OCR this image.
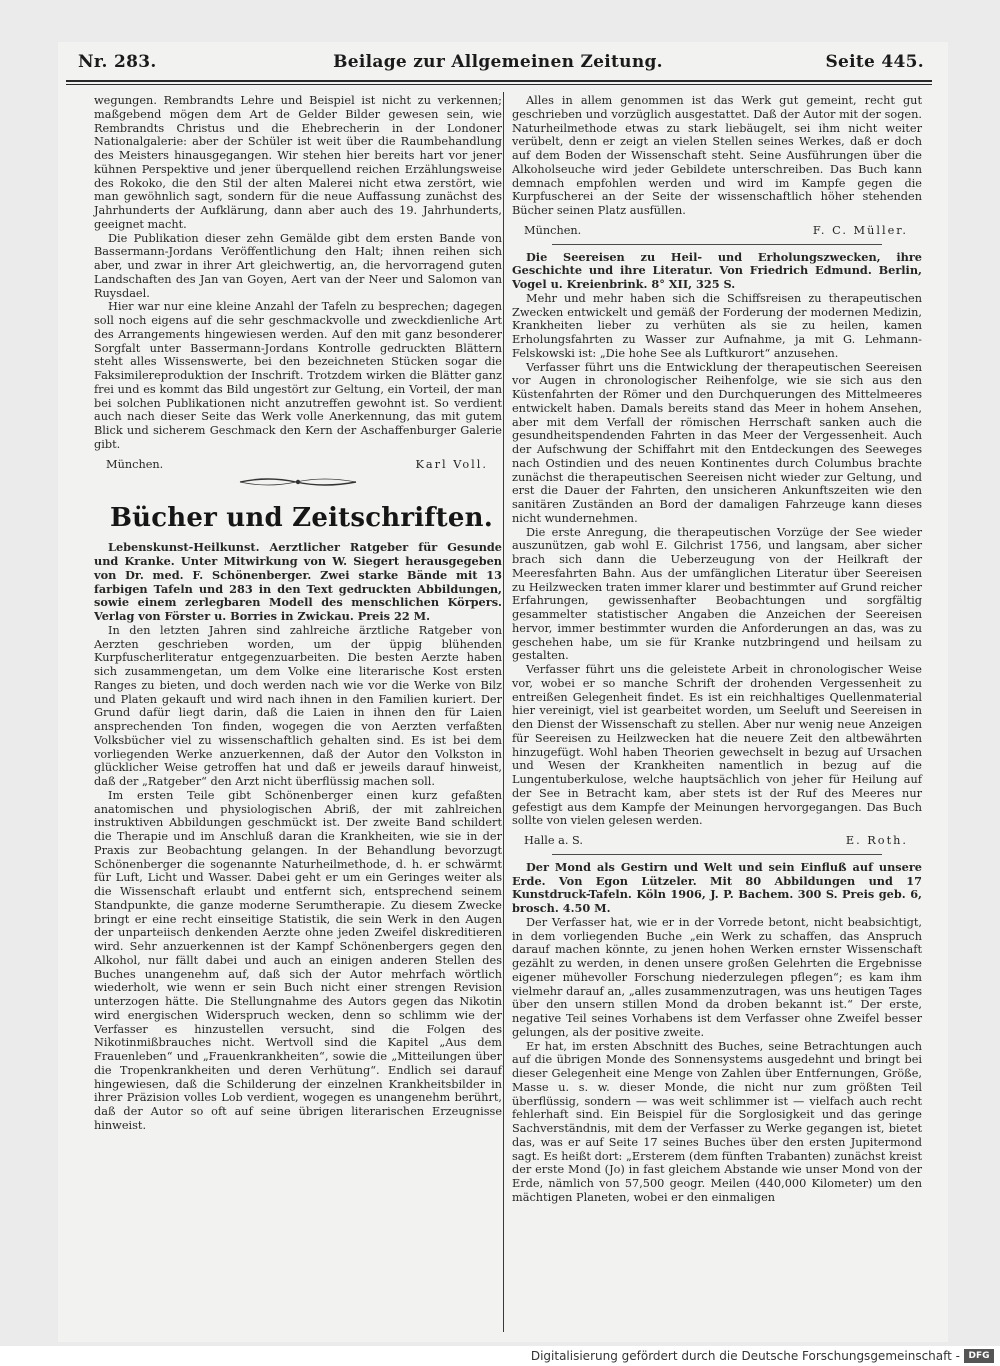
Nr. 283.	Beilage zur Allgemeinen Zeitung.	Seite 445.

wegungen. Rembrandts Lehre und Beispiel ist nicht zu verkennen; maßgebend mögen dem Art de Gelder Bilder gewesen sein, wie Rembrandts Christus und die Ehebrecherin in der Londoner Nationalgalerie: aber der Schüler ist weit über die Raumbehandlung des Meisters hinausgegangen. Wir stehen hier bereits hart vor jener kühnen Perspektive und jener überquellend reichen Erzählungsweise des Rokoko, die den Stil der alten Malerei nicht etwa zerstört, wie man gewöhnlich sagt, sondern für die neue Auffassung zunächst des Jahrhunderts der Aufklärung, dann aber auch des 19. Jahrhunderts, geeignet macht.

Die Publikation dieser zehn Gemälde gibt dem ersten Bande von Bassermann-Jordans Veröffentlichung den Halt; ihnen reihen sich aber, und zwar in ihrer Art gleichwertig, an, die hervorragend guten Landschaften des Jan van Goyen, Aert van der Neer und Salomon van Ruysdael.

Hier war nur eine kleine Anzahl der Tafeln zu besprechen; dagegen soll noch eigens auf die sehr geschmackvolle und zweckdienliche Art des Arrangements hingewiesen werden. Auf den mit ganz besonderer Sorgfalt unter Bassermann-Jordans Kontrolle gedruckten Blättern steht alles Wissenswerte, bei den bezeichneten Stücken sogar die Faksimilereproduktion der Inschrift. Trotzdem wirken die Blätter ganz frei und es kommt das Bild ungestört zur Geltung, ein Vorteil, der man bei solchen Publikationen nicht anzutreffen gewohnt ist. So verdient auch nach dieser Seite das Werk volle Anerkennung, das mit gutem Blick und sicherem Geschmack den Kern der Aschaffenburger Galerie gibt.

München.	Karl Voll.
Bücher und Zeitschriften.

Lebenskunst-Heilkunst. Aerztlicher Ratgeber für Gesunde und Kranke. Unter Mitwirkung von W. Siegert herausgegeben von Dr. med. F. Schönenberger. Zwei starke Bände mit 13 farbigen Tafeln und 283 in den Text gedruckten Abbildungen, sowie einem zerlegbaren Modell des menschlichen Körpers. Verlag von Förster u. Borries in Zwickau. Preis 22 M.

In den letzten Jahren sind zahlreiche ärztliche Ratgeber von Aerzten geschrieben worden, um der üppig blühenden Kurpfuscherliteratur entgegenzuarbeiten. Die besten Aerzte haben sich zusammengetan, um dem Volke eine literarische Kost ersten Ranges zu bieten, und doch werden nach wie vor die Werke von Bilz und Platen gekauft und wird nach ihnen in den Familien kuriert. Der Grund dafür liegt darin, daß die Laien in ihnen den für Laien ansprechenden Ton finden, wogegen die von Aerzten verfaßten Volksbücher viel zu wissenschaftlich gehalten sind. Es ist bei dem vorliegenden Werke anzuerkennen, daß der Autor den Volkston in glücklicher Weise getroffen hat und daß er jeweils darauf hinweist, daß der „Ratgeber“ den Arzt nicht überflüssig machen soll.

Im ersten Teile gibt Schönenberger einen kurz gefaßten anatomischen und physiologischen Abriß, der mit zahlreichen instruktiven Abbildungen geschmückt ist. Der zweite Band schildert die Therapie und im Anschluß daran die Krankheiten, wie sie in der Praxis zur Beobachtung gelangen. In der Behandlung bevorzugt Schönenberger die sogenannte Naturheilmethode, d. h. er schwärmt für Luft, Licht und Wasser. Dabei geht er um ein Geringes weiter als die Wissenschaft erlaubt und entfernt sich, entsprechend seinem Standpunkte, die ganze moderne Serumtherapie. Zu diesem Zwecke bringt er eine recht einseitige Statistik, die sein Werk in den Augen der unparteiisch denkenden Aerzte ohne jeden Zweifel diskreditieren wird. Sehr anzuerkennen ist der Kampf Schönenbergers gegen den Alkohol, nur fällt dabei und auch an einigen anderen Stellen des Buches unangenehm auf, daß sich der Autor mehrfach wörtlich wiederholt, wie wenn er sein Buch nicht einer strengen Revision unterzogen hätte. Die Stellungnahme des Autors gegen das Nikotin wird energischen Widerspruch wecken, denn so schlimm wie der Verfasser es hinzustellen versucht, sind die Folgen des Nikotinmißbrauches nicht. Wertvoll sind die Kapitel „Aus dem Frauenleben“ und „Frauenkrankheiten“, sowie die „Mitteilungen über die Tropenkrankheiten und deren Verhütung“. Endlich sei darauf hingewiesen, daß die Schilderung der einzelnen Krankheitsbilder in ihrer Präzision volles Lob verdient, wogegen es unangenehm berührt, daß der Autor so oft auf seine übrigen literarischen Erzeugnisse hinweist.

Alles in allem genommen ist das Werk gut gemeint, recht gut geschrieben und vorzüglich ausgestattet. Daß der Autor mit der sogen. Naturheilmethode etwas zu stark liebäugelt, sei ihm nicht weiter verübelt, denn er zeigt an vielen Stellen seines Werkes, daß er doch auf dem Boden der Wissenschaft steht. Seine Ausführungen über die Alkoholseuche wird jeder Gebildete unterschreiben. Das Buch kann demnach empfohlen werden und wird im Kampfe gegen die Kurpfuscherei an der Seite der wissenschaftlich höher stehenden Bücher seinen Platz ausfüllen.

München.	F. C. Müller.

Die Seereisen zu Heil- und Erholungszwecken, ihre Geschichte und ihre Literatur. Von Friedrich Edmund. Berlin, Vogel u. Kreienbrink. 8° XII, 325 S.

Mehr und mehr haben sich die Schiffsreisen zu therapeutischen Zwecken entwickelt und gemäß der Forderung der modernen Medizin, Krankheiten lieber zu verhüten als sie zu heilen, kamen Erholungsfahrten zu Wasser zur Aufnahme, ja mit G. Lehmann-Felskowski ist: „Die hohe See als Luftkurort“ anzusehen.

Verfasser führt uns die Entwicklung der therapeutischen Seereisen vor Augen in chronologischer Reihenfolge, wie sie sich aus den Küstenfahrten der Römer und den Durchquerungen des Mittelmeeres entwickelt haben. Damals bereits stand das Meer in hohem Ansehen, aber mit dem Verfall der römischen Herrschaft sanken auch die gesundheitspendenden Fahrten in das Meer der Vergessenheit. Auch der Aufschwung der Schiffahrt mit den Entdeckungen des Seeweges nach Ostindien und des neuen Kontinentes durch Columbus brachte zunächst die therapeutischen Seereisen nicht wieder zur Geltung, und erst die Dauer der Fahrten, den unsicheren Ankunftszeiten wie den sanitären Zuständen an Bord der damaligen Fahrzeuge kann dieses nicht wundernehmen.

Die erste Anregung, die therapeutischen Vorzüge der See wieder auszunützen, gab wohl E. Gilchrist 1756, und langsam, aber sicher brach sich dann die Ueberzeugung von der Heilkraft der Meeresfahrten Bahn. Aus der umfänglichen Literatur über Seereisen zu Heilzwecken traten immer klarer und bestimmter auf Grund reicher Erfahrungen, gewissenhafter Beobachtungen und sorgfältig gesammelter statistischer Angaben die Anzeichen der Seereisen hervor, immer bestimmter wurden die Anforderungen an das, was zu geschehen habe, um sie für Kranke nutzbringend und heilsam zu gestalten.

Verfasser führt uns die geleistete Arbeit in chronologischer Weise vor, wobei er so manche Schrift der drohenden Vergessenheit zu entreißen Gelegenheit findet. Es ist ein reichhaltiges Quellenmaterial hier vereinigt, viel ist gearbeitet worden, um Seeluft und Seereisen in den Dienst der Wissenschaft zu stellen. Aber nur wenig neue Anzeigen für Seereisen zu Heilzwecken hat die neuere Zeit den altbewährten hinzugefügt. Wohl haben Theorien gewechselt in bezug auf Ursachen und Wesen der Krankheiten namentlich in bezug auf die Lungentuberkulose, welche hauptsächlich von jeher für Heilung auf der See in Betracht kam, aber stets ist der Ruf des Meeres nur gefestigt aus dem Kampfe der Meinungen hervorgegangen. Das Buch sollte von vielen gelesen werden.

Halle a. S.	E. Roth.

Der Mond als Gestirn und Welt und sein Einfluß auf unsere Erde. Von Egon Lützeler. Mit 80 Abbildungen und 17 Kunstdruck-Tafeln. Köln 1906, J. P. Bachem. 300 S. Preis geb. 6, brosch. 4.50 M.

Der Verfasser hat, wie er in der Vorrede betont, nicht beabsichtigt, in dem vorliegenden Buche „ein Werk zu schaffen, das Anspruch darauf machen könnte, zu jenen hohen Werken ernster Wissenschaft gezählt zu werden, in denen unsere großen Gelehrten die Ergebnisse eigener mühevoller Forschung niederzulegen pflegen“; es kam ihm vielmehr darauf an, „alles zusammenzutragen, was uns heutigen Tages über den unsern stillen Mond da droben bekannt ist.“ Der erste, negative Teil seines Vorhabens ist dem Verfasser ohne Zweifel besser gelungen, als der positive zweite.

Er hat, im ersten Abschnitt des Buches, seine Betrachtungen auch auf die übrigen Monde des Sonnensystems ausgedehnt und bringt bei dieser Gelegenheit eine Menge von Zahlen über Entfernungen, Größe, Masse u. s. w. dieser Monde, die nicht nur zum größten Teil überflüssig, sondern — was weit schlimmer ist — vielfach auch recht fehlerhaft sind. Ein Beispiel für die Sorglosigkeit und das geringe Sachverständnis, mit dem der Verfasser zu Werke gegangen ist, bietet das, was er auf Seite 17 seines Buches über den ersten Jupitermond sagt. Es heißt dort: „Ersterem (dem fünften Trabanten) zunächst kreist der erste Mond (Jo) in fast gleichem Abstande wie unser Mond von der Erde, nämlich von 57,500 geogr. Meilen (440,000 Kilometer) um den mächtigen Planeten, wobei er den einmaligen

Digitalisierung gefördert durch die Deutsche Forschungsgemeinschaft - DFG
